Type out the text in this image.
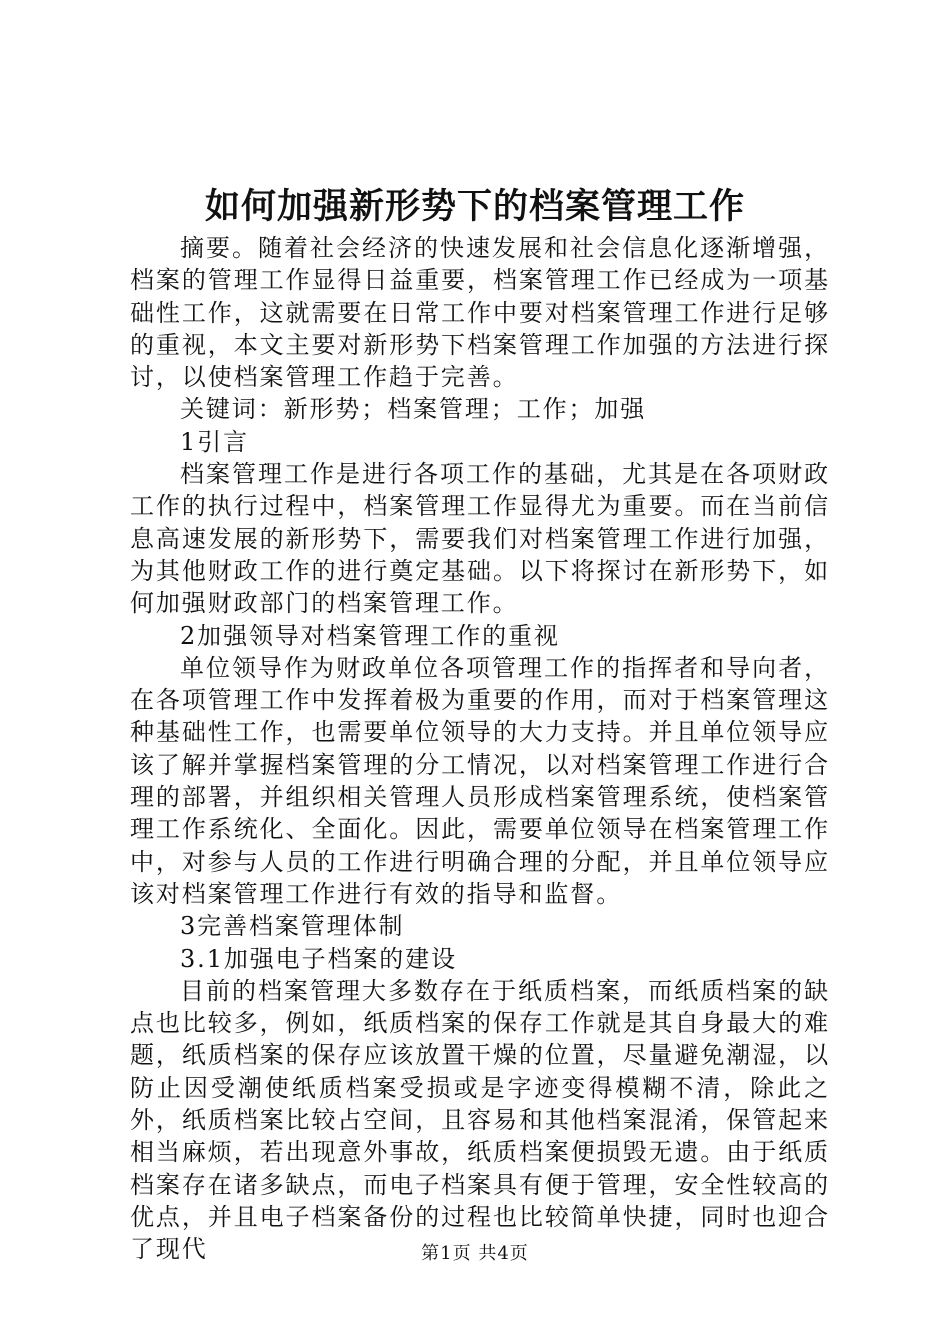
如何加强新形势下的档案管理工作

摘要。随着社会经济的快速发展和社会信息化逐渐增强，档案的管理工作显得日益重要，档案管理工作已经成为一项基础性工作，这就需要在日常工作中要对档案管理工作进行足够的重视，本文主要对新形势下档案管理工作加强的方法进行探讨，以使档案管理工作趋于完善。

关键词：新形势；档案管理；工作；加强

1引言

档案管理工作是进行各项工作的基础，尤其是在各项财政工作的执行过程中，档案管理工作显得尤为重要。而在当前信息高速发展的新形势下，需要我们对档案管理工作进行加强，为其他财政工作的进行奠定基础。以下将探讨在新形势下，如何加强财政部门的档案管理工作。

2加强领导对档案管理工作的重视

单位领导作为财政单位各项管理工作的指挥者和导向者，在各项管理工作中发挥着极为重要的作用，而对于档案管理这种基础性工作，也需要单位领导的大力支持。并且单位领导应该了解并掌握档案管理的分工情况，以对档案管理工作进行合理的部署，并组织相关管理人员形成档案管理系统，使档案管理工作系统化、全面化。因此，需要单位领导在档案管理工作中，对参与人员的工作进行明确合理的分配，并且单位领导应该对档案管理工作进行有效的指导和监督。

3完善档案管理体制

3.1加强电子档案的建设

目前的档案管理大多数存在于纸质档案，而纸质档案的缺点也比较多，例如，纸质档案的保存工作就是其自身最大的难题，纸质档案的保存应该放置干燥的位置，尽量避免潮湿，以防止因受潮使纸质档案受损或是字迹变得模糊不清，除此之外，纸质档案比较占空间，且容易和其他档案混淆，保管起来相当麻烦，若出现意外事故，纸质档案便损毁无遗。由于纸质档案存在诸多缺点，而电子档案具有便于管理，安全性较高的优点，并且电子档案备份的过程也比较简单快捷，同时也迎合了现代	第1页 共4页
